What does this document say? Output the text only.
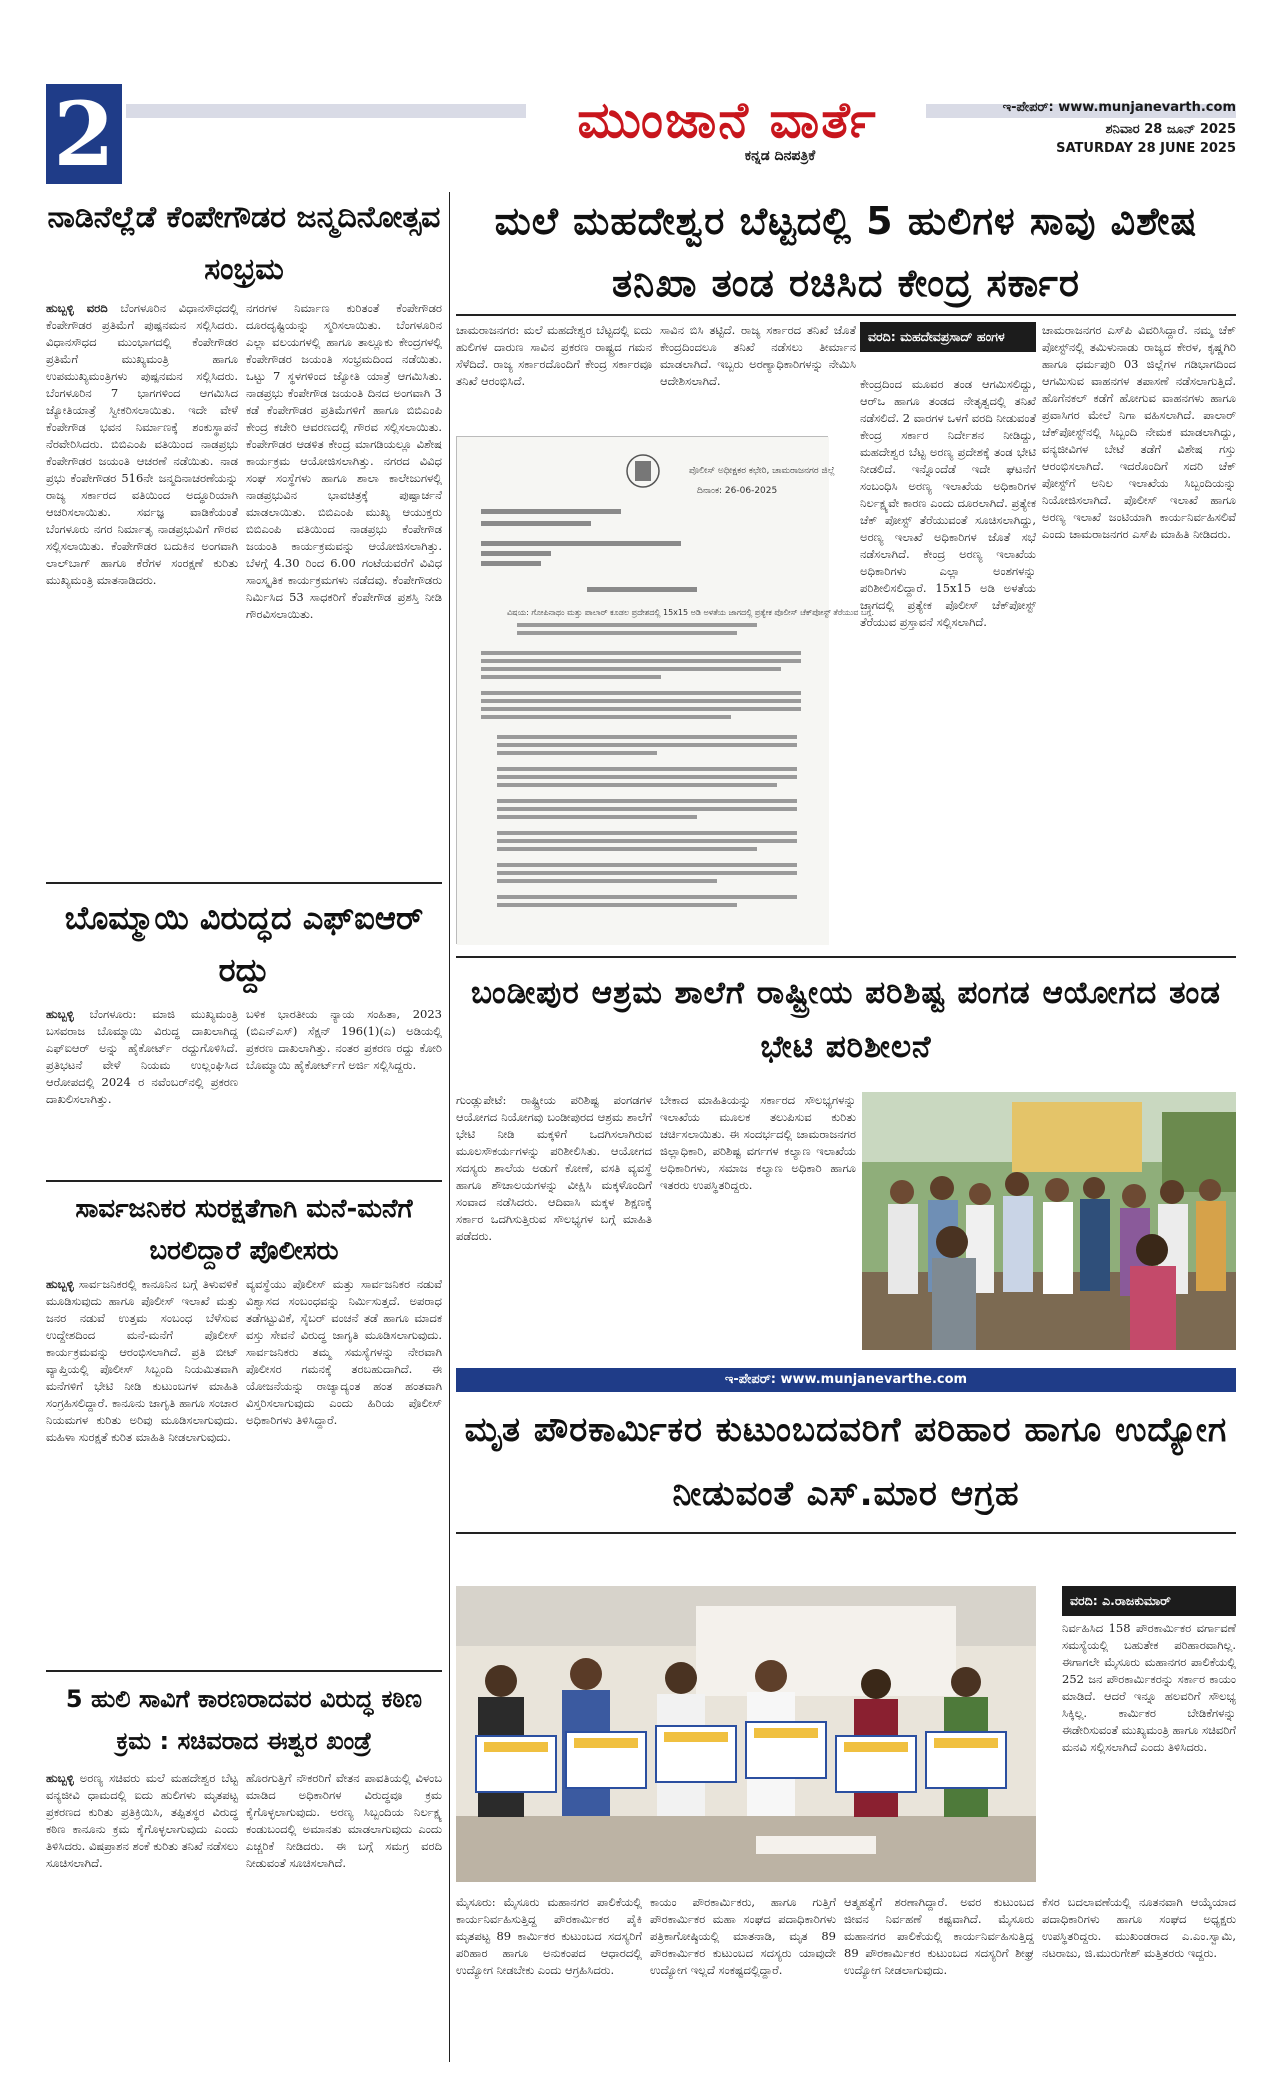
2	ಮುಂಜಾನೆ ವಾರ್ತೆ
ಕನ್ನಡ ದಿನಪತ್ರಿಕೆ
ಇ-ಪೇಪರ್: www.munjanevarth.com
ಶನಿವಾರ 28 ಜೂನ್ 2025
SATURDAY 28 JUNE 2025
ನಾಡಿನೆಲ್ಲೆಡೆ ಕೆಂಪೇಗೌಡರ ಜನ್ಮದಿನೋತ್ಸವ ಸಂಭ್ರಮ
ಹುಬ್ಬಳ್ಳಿ ವರದಿ ಬೆಂಗಳೂರಿನ ವಿಧಾನಸೌಧದಲ್ಲಿ ಕೆಂಪೇಗೌಡರ ಪ್ರತಿಮೆಗೆ ಪುಷ್ಪನಮನ ಸಲ್ಲಿಸಿದರು. ವಿಧಾನಸೌಧದ ಮುಂಭಾಗದಲ್ಲಿ ಕೆಂಪೇಗೌಡರ ಪ್ರತಿಮೆಗೆ ಮುಖ್ಯಮಂತ್ರಿ ಹಾಗೂ ಉಪಮುಖ್ಯಮಂತ್ರಿಗಳು ಪುಷ್ಪನಮನ ಸಲ್ಲಿಸಿದರು. ಬೆಂಗಳೂರಿನ 7 ಭಾಗಗಳಿಂದ ಆಗಮಿಸಿದ ಜ್ಯೋತಿಯಾತ್ರೆ ಸ್ವೀಕರಿಸಲಾಯಿತು. ಇದೇ ವೇಳೆ ಕೆಂಪೇಗೌಡ ಭವನ ನಿರ್ಮಾಣಕ್ಕೆ ಶಂಕುಸ್ಥಾಪನೆ ನೆರವೇರಿಸಿದರು. ಬಿಬಿಎಂಪಿ ವತಿಯಿಂದ ನಾಡಪ್ರಭು ಕೆಂಪೇಗೌಡರ ಜಯಂತಿ ಆಚರಣೆ ನಡೆಯಿತು. ನಾಡ ಪ್ರಭು ಕೆಂಪೇಗೌಡರ 516ನೇ ಜನ್ಮದಿನಾಚರಣೆಯನ್ನು ರಾಜ್ಯ ಸರ್ಕಾರದ ವತಿಯಿಂದ ಅದ್ಧೂರಿಯಾಗಿ ಆಚರಿಸಲಾಯಿತು. ಸರ್ವಜ್ಞ ವಾಡಿಕೆಯಂತೆ ಬೆಂಗಳೂರು ನಗರ ನಿರ್ಮಾತೃ ನಾಡಪ್ರಭುವಿಗೆ ಗೌರವ ಸಲ್ಲಿಸಲಾಯಿತು. ಕೆಂಪೇಗೌಡರ ಬದುಕಿನ ಅಂಗವಾಗಿ ಲಾಲ್‌ಬಾಗ್ ಹಾಗೂ ಕೆರೆಗಳ ಸಂರಕ್ಷಣೆ ಕುರಿತು ಮುಖ್ಯಮಂತ್ರಿ ಮಾತನಾಡಿದರು.
ನಗರಗಳ ನಿರ್ಮಾಣ ಕುರಿತಂತೆ ಕೆಂಪೇಗೌಡರ ದೂರದೃಷ್ಟಿಯನ್ನು ಸ್ಮರಿಸಲಾಯಿತು. ಬೆಂಗಳೂರಿನ ಎಲ್ಲಾ ವಲಯಗಳಲ್ಲಿ ಹಾಗೂ ತಾಲ್ಲೂಕು ಕೇಂದ್ರಗಳಲ್ಲಿ ಕೆಂಪೇಗೌಡರ ಜಯಂತಿ ಸಂಭ್ರಮದಿಂದ ನಡೆಯಿತು. ಒಟ್ಟು 7 ಸ್ಥಳಗಳಿಂದ ಜ್ಯೋತಿ ಯಾತ್ರೆ ಆಗಮಿಸಿತು. ನಾಡಪ್ರಭು ಕೆಂಪೇಗೌಡ ಜಯಂತಿ ದಿನದ ಅಂಗವಾಗಿ 3 ಕಡೆ ಕೆಂಪೇಗೌಡರ ಪ್ರತಿಮೆಗಳಿಗೆ ಹಾಗೂ ಬಿಬಿಎಂಪಿ ಕೇಂದ್ರ ಕಚೇರಿ ಆವರಣದಲ್ಲಿ ಗೌರವ ಸಲ್ಲಿಸಲಾಯಿತು. ಕೆಂಪೇಗೌಡರ ಆಡಳಿತ ಕೇಂದ್ರ ಮಾಗಡಿಯಲ್ಲೂ ವಿಶೇಷ ಕಾರ್ಯಕ್ರಮ ಆಯೋಜಿಸಲಾಗಿತ್ತು. ನಗರದ ವಿವಿಧ ಸಂಘ ಸಂಸ್ಥೆಗಳು ಹಾಗೂ ಶಾಲಾ ಕಾಲೇಜುಗಳಲ್ಲಿ ನಾಡಪ್ರಭುವಿನ ಭಾವಚಿತ್ರಕ್ಕೆ ಪುಷ್ಪಾರ್ಚನೆ ಮಾಡಲಾಯಿತು. ಬಿಬಿಎಂಪಿ ಮುಖ್ಯ ಆಯುಕ್ತರು ಬಿಬಿಎಂಪಿ ವತಿಯಿಂದ ನಾಡಪ್ರಭು ಕೆಂಪೇಗೌಡ ಜಯಂತಿ ಕಾರ್ಯಕ್ರಮವನ್ನು ಆಯೋಜಿಸಲಾಗಿತ್ತು. ಬೆಳಗ್ಗೆ 4.30 ರಿಂದ 6.00 ಗಂಟೆಯವರೆಗೆ ವಿವಿಧ ಸಾಂಸ್ಕೃತಿಕ ಕಾರ್ಯಕ್ರಮಗಳು ನಡೆದವು. ಕೆಂಪೇಗೌಡರು ನಿರ್ಮಿಸಿದ 53 ಸಾಧಕರಿಗೆ ಕೆಂಪೇಗೌಡ ಪ್ರಶಸ್ತಿ ನೀಡಿ ಗೌರವಿಸಲಾಯಿತು.
ಬೊಮ್ಮಾಯಿ ವಿರುದ್ಧದ ಎಫ್‌ಐಆರ್ ರದ್ದು
ಹುಬ್ಬಳ್ಳಿ ಬೆಂಗಳೂರು: ಮಾಜಿ ಮುಖ್ಯಮಂತ್ರಿ ಬಸವರಾಜ ಬೊಮ್ಮಾಯಿ ವಿರುದ್ಧ ದಾಖಲಾಗಿದ್ದ ಎಫ್‌ಐಆರ್ ಅನ್ನು ಹೈಕೋರ್ಟ್ ರದ್ದುಗೊಳಿಸಿದೆ. ಪ್ರತಿಭಟನೆ ವೇಳೆ ನಿಯಮ ಉಲ್ಲಂಘಿಸಿದ ಆರೋಪದಲ್ಲಿ 2024 ರ ನವೆಂಬರ್‌ನಲ್ಲಿ ಪ್ರಕರಣ ದಾಖಲಿಸಲಾಗಿತ್ತು.
ಬಳಿಕ ಭಾರತೀಯ ನ್ಯಾಯ ಸಂಹಿತಾ, 2023 (ಬಿಎನ್‌ಎಸ್) ಸೆಕ್ಷನ್ 196(1)(ಎ) ಅಡಿಯಲ್ಲಿ ಪ್ರಕರಣ ದಾಖಲಾಗಿತ್ತು. ನಂತರ ಪ್ರಕರಣ ರದ್ದು ಕೋರಿ ಬೊಮ್ಮಾಯಿ ಹೈಕೋರ್ಟ್‌ಗೆ ಅರ್ಜಿ ಸಲ್ಲಿಸಿದ್ದರು.
ಸಾರ್ವಜನಿಕರ ಸುರಕ್ಷತೆಗಾಗಿ ಮನೆ-ಮನೆಗೆ ಬರಲಿದ್ದಾರೆ ಪೊಲೀಸರು
ಹುಬ್ಬಳ್ಳಿ ಸಾರ್ವಜನಿಕರಲ್ಲಿ ಕಾನೂನಿನ ಬಗ್ಗೆ ತಿಳುವಳಿಕೆ ಮೂಡಿಸುವುದು ಹಾಗೂ ಪೊಲೀಸ್ ಇಲಾಖೆ ಮತ್ತು ಜನರ ನಡುವೆ ಉತ್ತಮ ಸಂಬಂಧ ಬೆಳೆಸುವ ಉದ್ದೇಶದಿಂದ ಮನೆ-ಮನೆಗೆ ಪೊಲೀಸ್ ಕಾರ್ಯಕ್ರಮವನ್ನು ಆರಂಭಿಸಲಾಗಿದೆ. ಪ್ರತಿ ಬೀಟ್ ವ್ಯಾಪ್ತಿಯಲ್ಲಿ ಪೊಲೀಸ್ ಸಿಬ್ಬಂದಿ ನಿಯಮಿತವಾಗಿ ಮನೆಗಳಿಗೆ ಭೇಟಿ ನೀಡಿ ಕುಟುಂಬಗಳ ಮಾಹಿತಿ ಸಂಗ್ರಹಿಸಲಿದ್ದಾರೆ. ಕಾನೂನು ಜಾಗೃತಿ ಹಾಗೂ ಸಂಚಾರ ನಿಯಮಗಳ ಕುರಿತು ಅರಿವು ಮೂಡಿಸಲಾಗುವುದು. ಮಹಿಳಾ ಸುರಕ್ಷತೆ ಕುರಿತ ಮಾಹಿತಿ ನೀಡಲಾಗುವುದು.
ವ್ಯವಸ್ಥೆಯು ಪೊಲೀಸ್ ಮತ್ತು ಸಾರ್ವಜನಿಕರ ನಡುವೆ ವಿಶ್ವಾಸದ ಸಂಬಂಧವನ್ನು ನಿರ್ಮಿಸುತ್ತದೆ. ಅಪರಾಧ ತಡೆಗಟ್ಟುವಿಕೆ, ಸೈಬರ್ ವಂಚನೆ ತಡೆ ಹಾಗೂ ಮಾದಕ ವಸ್ತು ಸೇವನೆ ವಿರುದ್ಧ ಜಾಗೃತಿ ಮೂಡಿಸಲಾಗುವುದು. ಸಾರ್ವಜನಿಕರು ತಮ್ಮ ಸಮಸ್ಯೆಗಳನ್ನು ನೇರವಾಗಿ ಪೊಲೀಸರ ಗಮನಕ್ಕೆ ತರಬಹುದಾಗಿದೆ. ಈ ಯೋಜನೆಯನ್ನು ರಾಜ್ಯಾದ್ಯಂತ ಹಂತ ಹಂತವಾಗಿ ವಿಸ್ತರಿಸಲಾಗುವುದು ಎಂದು ಹಿರಿಯ ಪೊಲೀಸ್ ಅಧಿಕಾರಿಗಳು ತಿಳಿಸಿದ್ದಾರೆ.
5 ಹುಲಿ ಸಾವಿಗೆ ಕಾರಣರಾದವರ ವಿರುದ್ಧ ಕಠಿಣ ಕ್ರಮ : ಸಚಿವರಾದ ಈಶ್ವರ ಖಂಡ್ರೆ
ಹುಬ್ಬಳ್ಳಿ ಅರಣ್ಯ ಸಚಿವರು ಮಲೆ ಮಹದೇಶ್ವರ ಬೆಟ್ಟ ವನ್ಯಜೀವಿ ಧಾಮದಲ್ಲಿ ಐದು ಹುಲಿಗಳು ಮೃತಪಟ್ಟ ಪ್ರಕರಣದ ಕುರಿತು ಪ್ರತಿಕ್ರಿಯಿಸಿ, ತಪ್ಪಿತಸ್ಥರ ವಿರುದ್ಧ ಕಠಿಣ ಕಾನೂನು ಕ್ರಮ ಕೈಗೊಳ್ಳಲಾಗುವುದು ಎಂದು ತಿಳಿಸಿದರು. ವಿಷಪ್ರಾಶನ ಶಂಕೆ ಕುರಿತು ತನಿಖೆ ನಡೆಸಲು ಸೂಚಿಸಲಾಗಿದೆ.
ಹೊರಗುತ್ತಿಗೆ ನೌಕರರಿಗೆ ವೇತನ ಪಾವತಿಯಲ್ಲಿ ವಿಳಂಬ ಮಾಡಿದ ಅಧಿಕಾರಿಗಳ ವಿರುದ್ಧವೂ ಕ್ರಮ ಕೈಗೊಳ್ಳಲಾಗುವುದು. ಅರಣ್ಯ ಸಿಬ್ಬಂದಿಯ ನಿರ್ಲಕ್ಷ್ಯ ಕಂಡುಬಂದಲ್ಲಿ ಅಮಾನತು ಮಾಡಲಾಗುವುದು ಎಂದು ಎಚ್ಚರಿಕೆ ನೀಡಿದರು. ಈ ಬಗ್ಗೆ ಸಮಗ್ರ ವರದಿ ನೀಡುವಂತೆ ಸೂಚಿಸಲಾಗಿದೆ.
ಮಲೆ ಮಹದೇಶ್ವರ ಬೆಟ್ಟದಲ್ಲಿ 5 ಹುಲಿಗಳ ಸಾವು ವಿಶೇಷ ತನಿಖಾ ತಂಡ ರಚಿಸಿದ ಕೇಂದ್ರ ಸರ್ಕಾರ
ಚಾಮರಾಜನಗರ: ಮಲೆ ಮಹದೇಶ್ವರ ಬೆಟ್ಟದಲ್ಲಿ ಐದು ಹುಲಿಗಳ ದಾರುಣ ಸಾವಿನ ಪ್ರಕರಣ ರಾಷ್ಟ್ರದ ಗಮನ ಸೆಳೆದಿದೆ. ರಾಜ್ಯ ಸರ್ಕಾರದೊಂದಿಗೆ ಕೇಂದ್ರ ಸರ್ಕಾರವೂ ತನಿಖೆ ಆರಂಭಿಸಿದೆ.
ಸಾವಿನ ಬಿಸಿ ತಟ್ಟಿದೆ. ರಾಜ್ಯ ಸರ್ಕಾರದ ತನಿಖೆ ಜೊತೆ ಕೇಂದ್ರದಿಂದಲೂ ತನಿಖೆ ನಡೆಸಲು ತೀರ್ಮಾನ ಮಾಡಲಾಗಿದೆ. ಇಬ್ಬರು ಅರಣ್ಯಾಧಿಕಾರಿಗಳನ್ನು ನೇಮಿಸಿ ಆದೇಶಿಸಲಾಗಿದೆ.
ಪೊಲೀಸ್ ಅಧೀಕ್ಷಕರ ಕಛೇರಿ, ಚಾಮರಾಜನಗರ ಜಿಲ್ಲೆ
ದಿನಾಂಕ: 26-06-2025
ವಿಷಯ: ಗೋಪಿನಾಥಂ ಮತ್ತು ಪಾಲಾರ್ ಕೂಡಲ ಪ್ರದೇಶದಲ್ಲಿ 15x15 ಅಡಿ ಅಳತೆಯ ಜಾಗದಲ್ಲಿ ಪ್ರತ್ಯೇಕ ಪೊಲೀಸ್ ಚೆಕ್‌ಪೋಸ್ಟ್ ತೆರೆಯುವ ಬಗ್ಗೆ.
ವರದಿ: ಮಹದೇವಪ್ರಸಾದ್ ಹಂಗಳ
ಕೇಂದ್ರದಿಂದ ಮೂವರ ತಂಡ ಆಗಮಿಸಲಿದ್ದು, ಆರ್‌ಒ ಹಾಗೂ ತಂಡದ ನೇತೃತ್ವದಲ್ಲಿ ತನಿಖೆ ನಡೆಸಲಿದೆ. 2 ವಾರಗಳ ಒಳಗೆ ವರದಿ ನೀಡುವಂತೆ ಕೇಂದ್ರ ಸರ್ಕಾರ ನಿರ್ದೇಶನ ನೀಡಿದ್ದು, ಮಹದೇಶ್ವರ ಬೆಟ್ಟ ಅರಣ್ಯ ಪ್ರದೇಶಕ್ಕೆ ತಂಡ ಭೇಟಿ ನೀಡಲಿದೆ. ಇನ್ನೊಂದೆಡೆ ಇದೇ ಘಟನೆಗೆ ಸಂಬಂಧಿಸಿ ಅರಣ್ಯ ಇಲಾಖೆಯ ಅಧಿಕಾರಿಗಳ ನಿರ್ಲಕ್ಷ್ಯವೇ ಕಾರಣ ಎಂದು ದೂರಲಾಗಿದೆ. ಪ್ರತ್ಯೇಕ ಚೆಕ್ ಪೋಸ್ಟ್ ತೆರೆಯುವಂತೆ ಸೂಚಿಸಲಾಗಿದ್ದು, ಅರಣ್ಯ ಇಲಾಖೆ ಅಧಿಕಾರಿಗಳ ಜೊತೆ ಸಭೆ ನಡೆಸಲಾಗಿದೆ. ಕೇಂದ್ರ ಅರಣ್ಯ ಇಲಾಖೆಯ ಅಧಿಕಾರಿಗಳು ಎಲ್ಲಾ ಅಂಶಗಳನ್ನು ಪರಿಶೀಲಿಸಲಿದ್ದಾರೆ. 15x15 ಅಡಿ ಅಳತೆಯ ಜಾಗದಲ್ಲಿ ಪ್ರತ್ಯೇಕ ಪೊಲೀಸ್ ಚೆಕ್‌ಪೋಸ್ಟ್ ತೆರೆಯುವ ಪ್ರಸ್ತಾವನೆ ಸಲ್ಲಿಸಲಾಗಿದೆ.
ಚಾಮರಾಜನಗರ ಎಸ್‌ಪಿ ವಿವರಿಸಿದ್ದಾರೆ. ನಮ್ಮ ಚೆಕ್ ಪೋಸ್ಟ್‌ನಲ್ಲಿ ತಮಿಳುನಾಡು ರಾಜ್ಯದ ಕೇರಳ, ಕೃಷ್ಣಗಿರಿ ಹಾಗೂ ಧರ್ಮಪುರಿ 03 ಜಿಲ್ಲೆಗಳ ಗಡಿಭಾಗದಿಂದ ಆಗಮಿಸುವ ವಾಹನಗಳ ತಪಾಸಣೆ ನಡೆಸಲಾಗುತ್ತಿದೆ. ಹೊಗೆನಕಲ್ ಕಡೆಗೆ ಹೋಗುವ ವಾಹನಗಳು ಹಾಗೂ ಪ್ರವಾಸಿಗರ ಮೇಲೆ ನಿಗಾ ವಹಿಸಲಾಗಿದೆ. ಪಾಲಾರ್ ಚೆಕ್‌ಪೋಸ್ಟ್‌ನಲ್ಲಿ ಸಿಬ್ಬಂದಿ ನೇಮಕ ಮಾಡಲಾಗಿದ್ದು, ವನ್ಯಜೀವಿಗಳ ಬೇಟೆ ತಡೆಗೆ ವಿಶೇಷ ಗಸ್ತು ಆರಂಭಿಸಲಾಗಿದೆ. ಇದರೊಂದಿಗೆ ಸದರಿ ಚೆಕ್ ಪೋಸ್ಟ್‌ಗೆ ಅನಿಲ ಇಲಾಖೆಯ ಸಿಬ್ಬಂದಿಯನ್ನು ನಿಯೋಜಿಸಲಾಗಿದೆ. ಪೊಲೀಸ್ ಇಲಾಖೆ ಹಾಗೂ ಅರಣ್ಯ ಇಲಾಖೆ ಜಂಟಿಯಾಗಿ ಕಾರ್ಯನಿರ್ವಹಿಸಲಿವೆ ಎಂದು ಚಾಮರಾಜನಗರ ಎಸ್‌ಪಿ ಮಾಹಿತಿ ನೀಡಿದರು.
ಬಂಡೀಪುರ ಆಶ್ರಮ ಶಾಲೆಗೆ ರಾಷ್ಟ್ರೀಯ ಪರಿಶಿಷ್ಟ ಪಂಗಡ ಆಯೋಗದ ತಂಡ ಭೇಟಿ ಪರಿಶೀಲನೆ
ಗುಂಡ್ಲುಪೇಟೆ: ರಾಷ್ಟ್ರೀಯ ಪರಿಶಿಷ್ಟ ಪಂಗಡಗಳ ಆಯೋಗದ ನಿಯೋಗವು ಬಂಡೀಪುರದ ಆಶ್ರಮ ಶಾಲೆಗೆ ಭೇಟಿ ನೀಡಿ ಮಕ್ಕಳಿಗೆ ಒದಗಿಸಲಾಗಿರುವ ಮೂಲಸೌಕರ್ಯಗಳನ್ನು ಪರಿಶೀಲಿಸಿತು. ಆಯೋಗದ ಸದಸ್ಯರು ಶಾಲೆಯ ಅಡುಗೆ ಕೋಣೆ, ವಸತಿ ವ್ಯವಸ್ಥೆ ಹಾಗೂ ಶೌಚಾಲಯಗಳನ್ನು ವೀಕ್ಷಿಸಿ ಮಕ್ಕಳೊಂದಿಗೆ ಸಂವಾದ ನಡೆಸಿದರು. ಆದಿವಾಸಿ ಮಕ್ಕಳ ಶಿಕ್ಷಣಕ್ಕೆ ಸರ್ಕಾರ ಒದಗಿಸುತ್ತಿರುವ ಸೌಲಭ್ಯಗಳ ಬಗ್ಗೆ ಮಾಹಿತಿ ಪಡೆದರು.
ಬೇಕಾದ ಮಾಹಿತಿಯನ್ನು ಸರ್ಕಾರದ ಸೌಲಭ್ಯಗಳನ್ನು ಇಲಾಖೆಯ ಮೂಲಕ ತಲುಪಿಸುವ ಕುರಿತು ಚರ್ಚಿಸಲಾಯಿತು. ಈ ಸಂದರ್ಭದಲ್ಲಿ ಚಾಮರಾಜನಗರ ಜಿಲ್ಲಾಧಿಕಾರಿ, ಪರಿಶಿಷ್ಟ ವರ್ಗಗಳ ಕಲ್ಯಾಣ ಇಲಾಖೆಯ ಅಧಿಕಾರಿಗಳು, ಸಮಾಜ ಕಲ್ಯಾಣ ಅಧಿಕಾರಿ ಹಾಗೂ ಇತರರು ಉಪಸ್ಥಿತರಿದ್ದರು.
ಇ-ಪೇಪರ್: www.munjanevarthe.com
ಮೃತ ಪೌರಕಾರ್ಮಿಕರ ಕುಟುಂಬದವರಿಗೆ ಪರಿಹಾರ ಹಾಗೂ ಉದ್ಯೋಗ ನೀಡುವಂತೆ ಎಸ್.ಮಾರ ಆಗ್ರಹ
ವರದಿ: ಎ.ರಾಜಕುಮಾರ್
ನಿರ್ವಹಿಸಿದ 158 ಪೌರಕಾರ್ಮಿಕರ ವರ್ಗಾವಣೆ ಸಮಸ್ಯೆಯಲ್ಲಿ ಬಹುತೇಕ ಪರಿಹಾರವಾಗಿಲ್ಲ. ಈಗಾಗಲೇ ಮೈಸೂರು ಮಹಾನಗರ ಪಾಲಿಕೆಯಲ್ಲಿ 252 ಜನ ಪೌರಕಾರ್ಮಿಕರನ್ನು ಸರ್ಕಾರ ಕಾಯಂ ಮಾಡಿದೆ. ಆದರೆ ಇನ್ನೂ ಹಲವರಿಗೆ ಸೌಲಭ್ಯ ಸಿಕ್ಕಿಲ್ಲ. ಕಾರ್ಮಿಕರ ಬೇಡಿಕೆಗಳನ್ನು ಈಡೇರಿಸುವಂತೆ ಮುಖ್ಯಮಂತ್ರಿ ಹಾಗೂ ಸಚಿವರಿಗೆ ಮನವಿ ಸಲ್ಲಿಸಲಾಗಿದೆ ಎಂದು ತಿಳಿಸಿದರು.
ಮೈಸೂರು: ಮೈಸೂರು ಮಹಾನಗರ ಪಾಲಿಕೆಯಲ್ಲಿ ಕಾರ್ಯನಿರ್ವಹಿಸುತ್ತಿದ್ದ ಪೌರಕಾರ್ಮಿಕರ ಪೈಕಿ ಮೃತಪಟ್ಟ 89 ಕಾರ್ಮಿಕರ ಕುಟುಂಬದ ಸದಸ್ಯರಿಗೆ ಪರಿಹಾರ ಹಾಗೂ ಅನುಕಂಪದ ಆಧಾರದಲ್ಲಿ ಉದ್ಯೋಗ ನೀಡಬೇಕು ಎಂದು ಆಗ್ರಹಿಸಿದರು.
ಕಾಯಂ ಪೌರಕಾರ್ಮಿಕರು, ಹಾಗೂ ಗುತ್ತಿಗೆ ಪೌರಕಾರ್ಮಿಕರ ಮಹಾ ಸಂಘದ ಪದಾಧಿಕಾರಿಗಳು ಪತ್ರಿಕಾಗೋಷ್ಠಿಯಲ್ಲಿ ಮಾತನಾಡಿ, ಮೃತ 89 ಪೌರಕಾರ್ಮಿಕರ ಕುಟುಂಬದ ಸದಸ್ಯರು ಯಾವುದೇ ಉದ್ಯೋಗ ಇಲ್ಲದೆ ಸಂಕಷ್ಟದಲ್ಲಿದ್ದಾರೆ.
ಆತ್ಮಹತ್ಯೆಗೆ ಶರಣಾಗಿದ್ದಾರೆ. ಅವರ ಕುಟುಂಬದ ಜೀವನ ನಿರ್ವಹಣೆ ಕಷ್ಟವಾಗಿದೆ. ಮೈಸೂರು ಮಹಾನಗರ ಪಾಲಿಕೆಯಲ್ಲಿ ಕಾರ್ಯನಿರ್ವಹಿಸುತ್ತಿದ್ದ 89 ಪೌರಕಾರ್ಮಿಕರ ಕುಟುಂಬದ ಸದಸ್ಯರಿಗೆ ಶೀಘ್ರ ಉದ್ಯೋಗ ನೀಡಲಾಗುವುದು.
ಕೆಸರ ಬದಲಾವಣೆಯಲ್ಲಿ ನೂತನವಾಗಿ ಆಯ್ಕೆಯಾದ ಪದಾಧಿಕಾರಿಗಳು ಹಾಗೂ ಸಂಘದ ಅಧ್ಯಕ್ಷರು ಉಪಸ್ಥಿತರಿದ್ದರು. ಮುಖಂಡರಾದ ಎ.ಎಂ.ಸ್ವಾಮಿ, ನಟರಾಜು, ಜಿ.ಮುರುಗೇಶ್ ಮತ್ತಿತರರು ಇದ್ದರು.
